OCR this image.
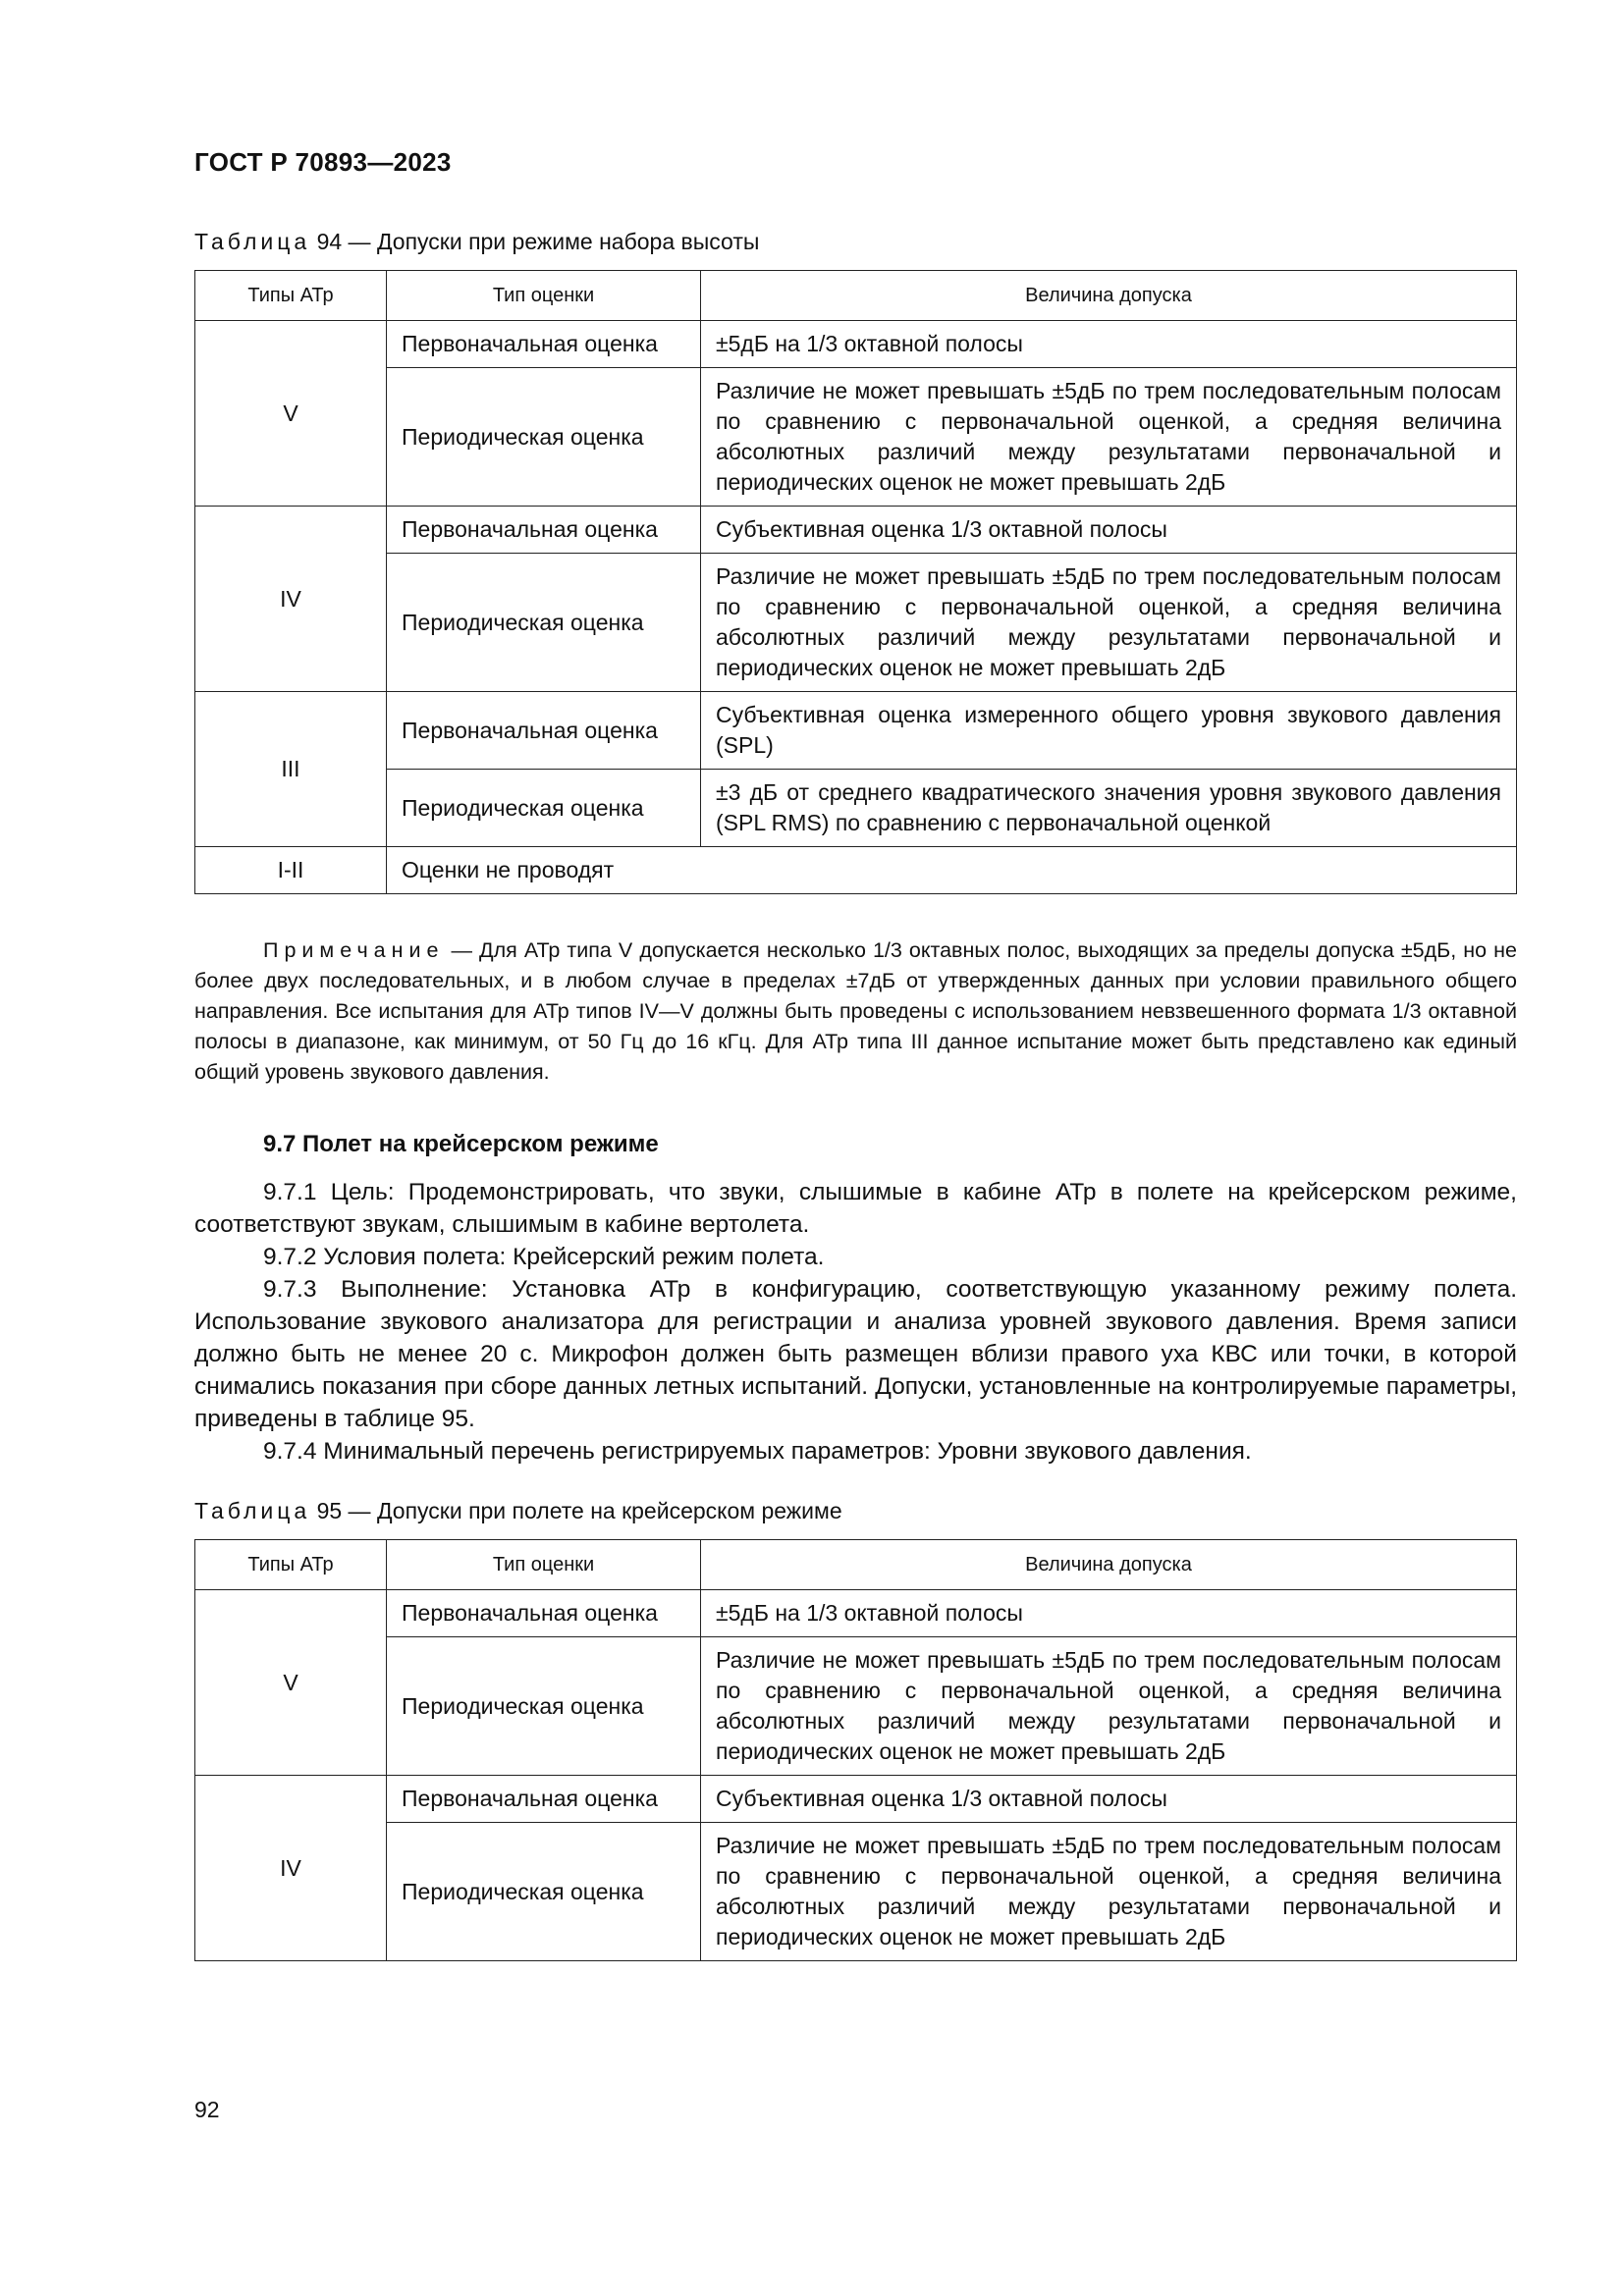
ГОСТ Р 70893—2023
Таблица 94 — Допуски при режиме набора высоты
Типы АТр	Тип оценки	Величина допуска
V	Первоначальная оценка	±5дБ на 1/3 октавной полосы
	Периодическая оценка	Различие не может превышать ±5дБ по трем последовательным полосам по сравнению с первоначальной оценкой, а средняя величина абсолютных различий между результатами первоначальной и периодических оценок не может превышать 2дБ
IV	Первоначальная оценка	Субъективная оценка 1/3 октавной полосы
	Периодическая оценка	Различие не может превышать ±5дБ по трем последовательным полосам по сравнению с первоначальной оценкой, а средняя величина абсолютных различий между результатами первоначальной и периодических оценок не может превышать 2дБ
III	Первоначальная оценка	Субъективная оценка измеренного общего уровня звукового давления (SPL)
	Периодическая оценка	±3 дБ от среднего квадратического значения уровня звукового давления (SPL RMS) по сравнению с первоначальной оценкой
I-II	Оценки не проводят	
Примечание — Для АТр типа V допускается несколько 1/3 октавных полос, выходящих за пределы допуска ±5дБ, но не более двух последовательных, и в любом случае в пределах ±7дБ от утвержденных данных при условии правильного общего направления. Все испытания для АТр типов IV—V должны быть проведены с использованием невзвешенного формата 1/3 октавной полосы в диапазоне, как минимум, от 50 Гц до 16 кГц. Для АТр типа III данное испытание может быть представлено как единый общий уровень звукового давления.
9.7 Полет на крейсерском режиме

9.7.1 Цель: Продемонстрировать, что звуки, слышимые в кабине АТр в полете на крейсерском режиме, соответствуют звукам, слышимым в кабине вертолета.

9.7.2 Условия полета: Крейсерский режим полета.

9.7.3 Выполнение: Установка АТр в конфигурацию, соответствующую указанному режиму полета. Использование звукового анализатора для регистрации и анализа уровней звукового давления. Время записи должно быть не менее 20 с. Микрофон должен быть размещен вблизи правого уха КВС или точки, в которой снимались показания при сборе данных летных испытаний. Допуски, установленные на контролируемые параметры, приведены в таблице 95.

9.7.4 Минимальный перечень регистрируемых параметров: Уровни звукового давления.

Таблица 95 — Допуски при полете на крейсерском режиме
Типы АТр	Тип оценки	Величина допуска
V	Первоначальная оценка	±5дБ на 1/3 октавной полосы
	Периодическая оценка	Различие не может превышать ±5дБ по трем последовательным полосам по сравнению с первоначальной оценкой, а средняя величина абсолютных различий между результатами первоначальной и периодических оценок не может превышать 2дБ
IV	Первоначальная оценка	Субъективная оценка 1/3 октавной полосы
	Периодическая оценка	Различие не может превышать ±5дБ по трем последовательным полосам по сравнению с первоначальной оценкой, а средняя величина абсолютных различий между результатами первоначальной и периодических оценок не может превышать 2дБ
92
